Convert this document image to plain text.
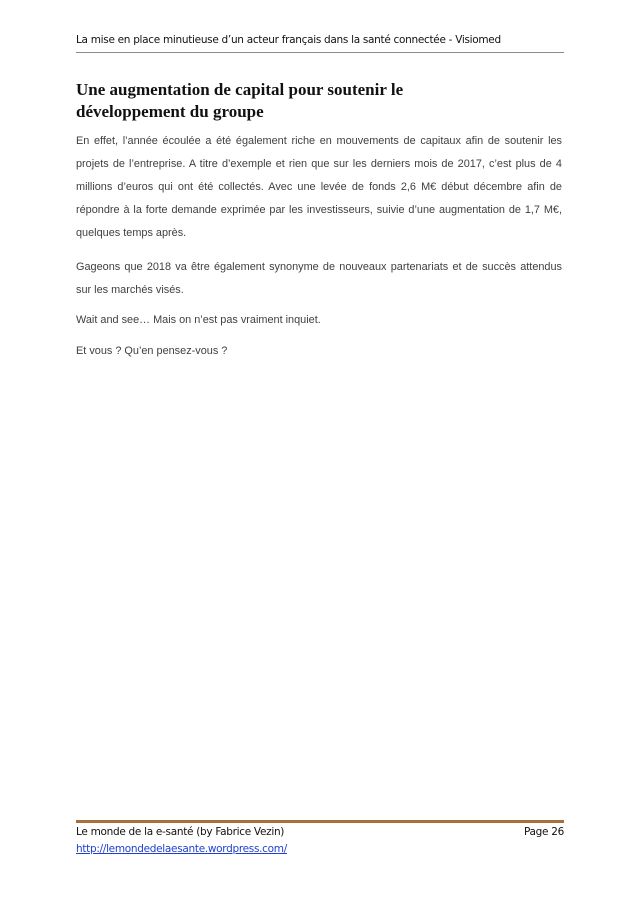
La mise en place minutieuse d’un acteur français dans la santé connectée - Visiomed
Une augmentation de capital pour soutenir le développement du groupe

En effet, l’année écoulée a été également riche en mouvements de capitaux afin de soutenir les projets de l’entreprise. A titre d’exemple et rien que sur les derniers mois de 2017, c’est plus de 4 millions d’euros qui ont été collectés. Avec une levée de fonds 2,6 M€ début décembre afin de répondre à la forte demande exprimée par les investisseurs, suivie d’une augmentation de 1,7 M€, quelques temps après.

Gageons que 2018 va être également synonyme de nouveaux partenariats et de succès attendus sur les marchés visés.

Wait and see… Mais on n’est pas vraiment inquiet.

Et vous ? Qu’en pensez-vous ?

Le monde de la e-santé (by Fabrice Vezin)	Page 26
http://lemondedelaesante.wordpress.com/
